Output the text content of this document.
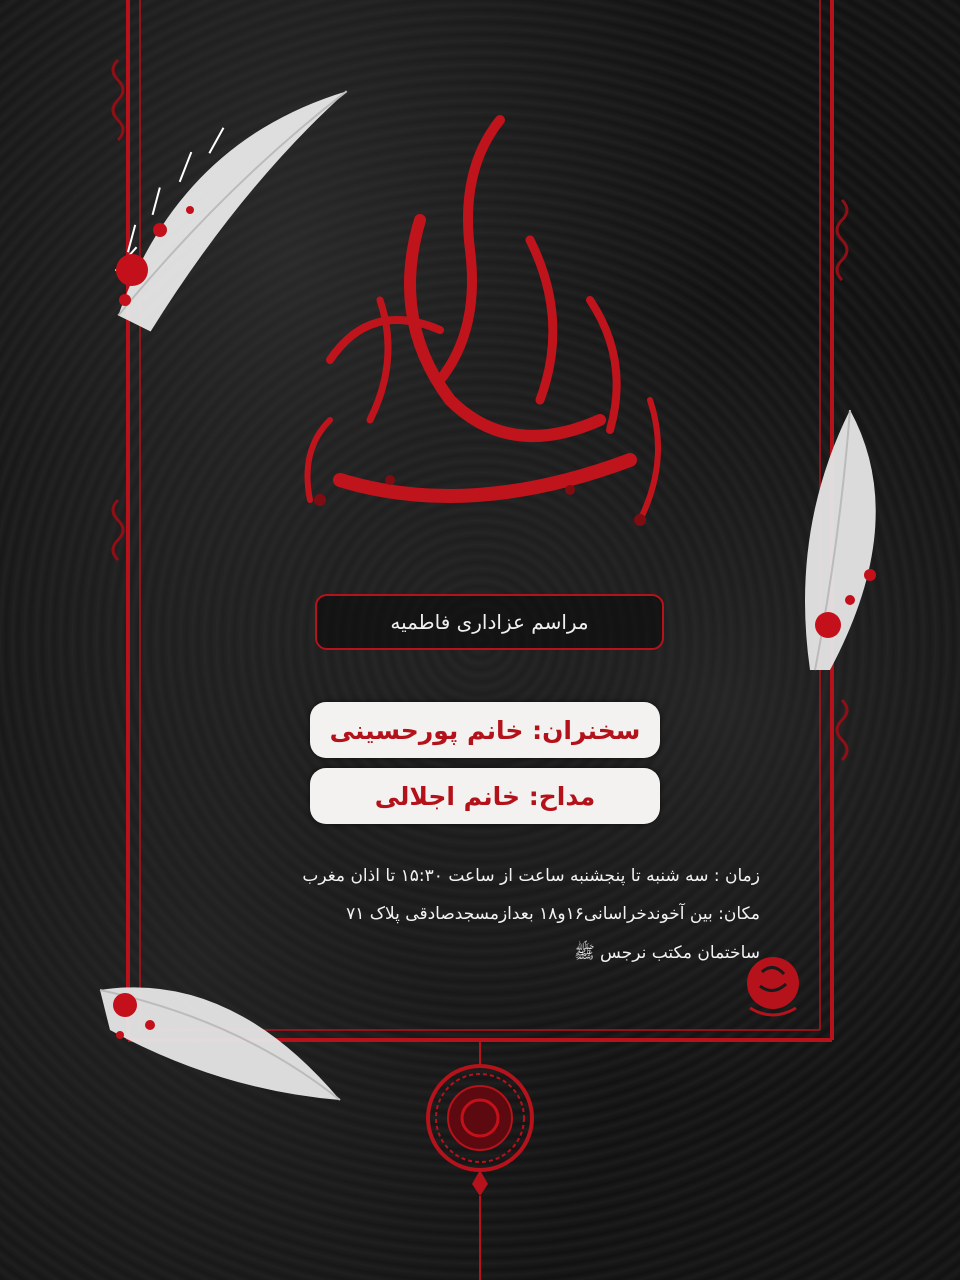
مراسم عزاداری فاطمیه
سخنران: خانم پورحسینی
مداح: خانم اجلالی
زمان : سه شنبه تا پنجشنبه ساعت از ساعت ۱۵:۳۰ تا اذان مغرب
مکان: بین آخوندخراسانی۱۶و۱۸ بعدازمسجدصادقی پلاک ۷۱
ساختمان مکتب نرجس ﷺ
